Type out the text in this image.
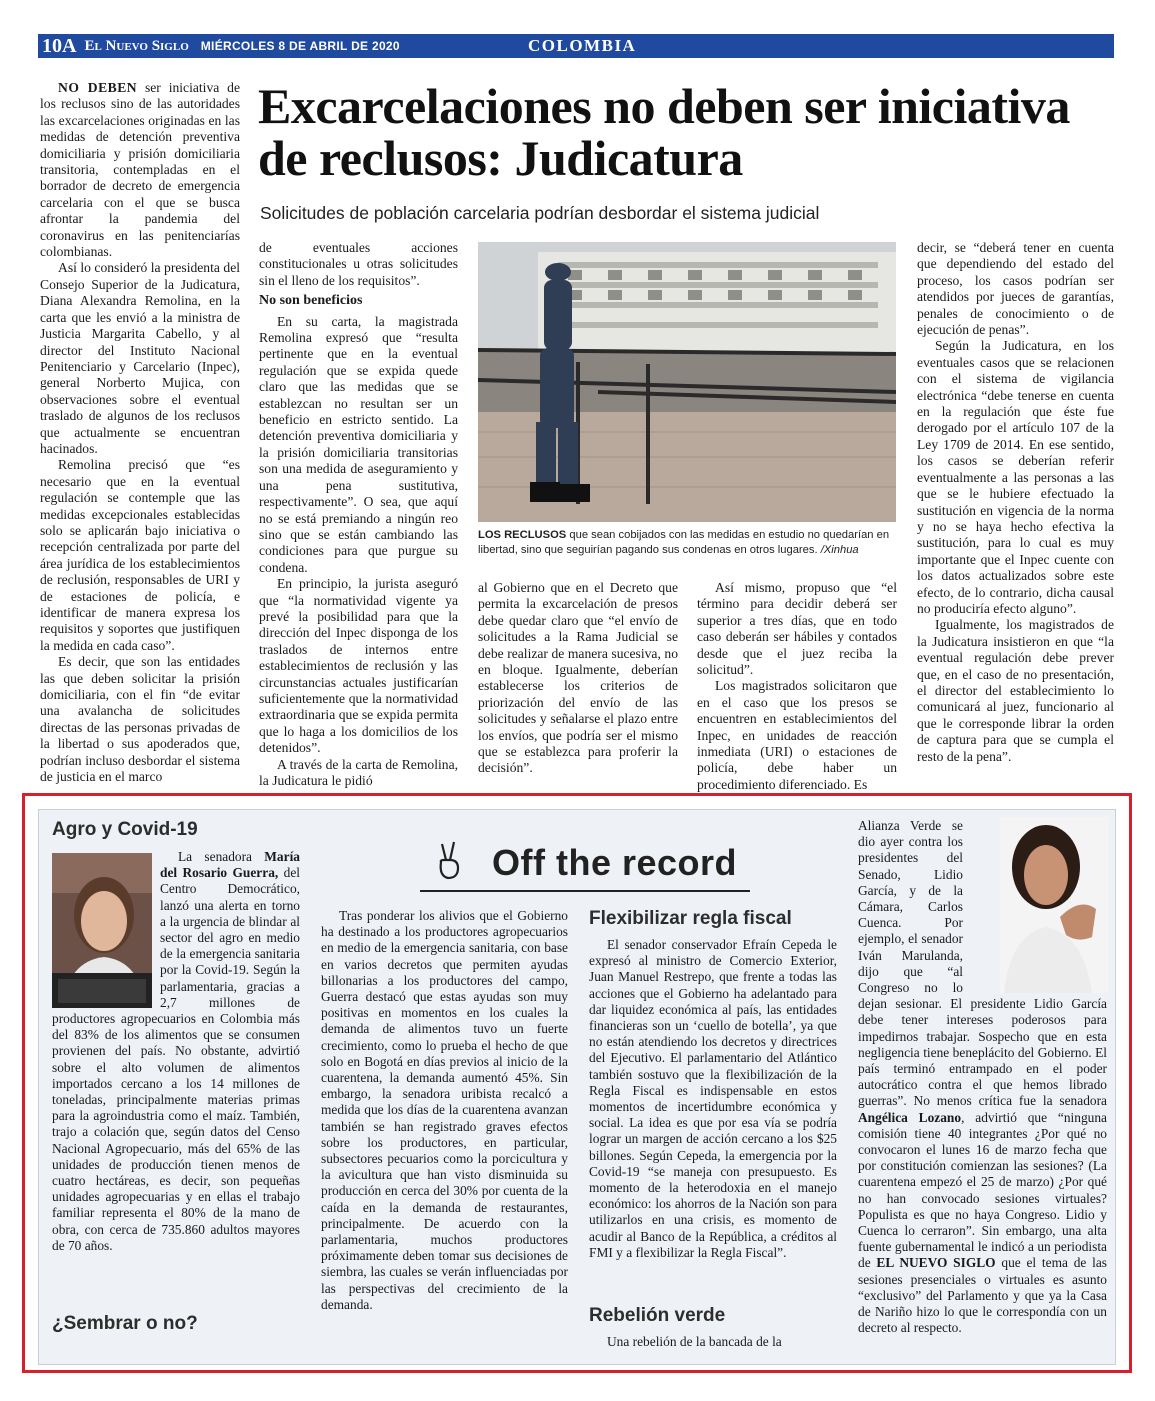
10A El Nuevo Siglo MIÉRCOLES 8 DE ABRIL DE 2020	COLOMBIA
Excarcelaciones no deben ser iniciativa de reclusos: Judicatura
Solicitudes de población carcelaria podrían desbordar el sistema judicial

NO DEBEN ser iniciativa de los reclusos sino de las autoridades las excarcelaciones originadas en las medidas de detención preventiva domiciliaria y prisión domiciliaria transitoria, contempladas en el borrador de decreto de emergencia carcelaria con el que se busca afrontar la pandemia del coronavirus en las penitenciarías colombianas.

Así lo consideró la presidenta del Consejo Superior de la Judicatura, Diana Alexandra Remolina, en la carta que les envió a la ministra de Justicia Margarita Cabello, y al director del Instituto Nacional Penitenciario y Carcelario (Inpec), general Norberto Mujica, con observaciones sobre el eventual traslado de algunos de los reclusos que actualmente se encuentran hacinados.

Remolina precisó que “es necesario que en la eventual regulación se contemple que las medidas excepcionales establecidas solo se aplicarán bajo iniciativa o recepción centralizada por parte del área jurídica de los establecimientos de reclusión, responsables de URI y de estaciones de policía, e identificar de manera expresa los requisitos y soportes que justifiquen la medida en cada caso”.

Es decir, que son las entidades las que deben solicitar la prisión domiciliaria, con el fin “de evitar una avalancha de solicitudes directas de las personas privadas de la libertad o sus apoderados que, podrían incluso desbordar el sistema de justicia en el marco

de eventuales acciones constitucionales u otras solicitudes sin el lleno de los requisitos”.

No son beneficios

En su carta, la magistrada Remolina expresó que “resulta pertinente que en la eventual regulación que se expida quede claro que las medidas que se establezcan no resultan ser un beneficio en estricto sentido. La detención preventiva domiciliaria y la prisión domiciliaria transitorias son una medida de aseguramiento y una pena sustitutiva, respectivamente”. O sea, que aquí no se está premiando a ningún reo sino que se están cambiando las condiciones para que purgue su condena.

En principio, la jurista aseguró que “la normatividad vigente ya prevé la posibilidad para que la dirección del Inpec disponga de los traslados de internos entre establecimientos de reclusión y las circunstancias actuales justificarían suficientemente que la normatividad extraordinaria que se expida permita que lo haga a los domicilios de los detenidos”.

A través de la carta de Remolina, la Judicatura le pidió

LOS RECLUSOS que sean cobijados con las medidas en estudio no quedarían en libertad, sino que seguirían pagando sus condenas en otros lugares. /Xinhua

al Gobierno que en el Decreto que permita la excarcelación de presos debe quedar claro que “el envío de solicitudes a la Rama Judicial se debe realizar de manera sucesiva, no en bloque. Igualmente, deberían establecerse los criterios de priorización del envío de las solicitudes y señalarse el plazo entre los envíos, que podría ser el mismo que se establezca para proferir la decisión”.

Así mismo, propuso que “el término para decidir deberá ser superior a tres días, que en todo caso deberán ser hábiles y contados desde que el juez reciba la solicitud”.

Los magistrados solicitaron que en el caso que los presos se encuentren en establecimientos del Inpec, en unidades de reacción inmediata (URI) o estaciones de policía, debe haber un procedimiento diferenciado. Es

decir, se “deberá tener en cuenta que dependiendo del estado del proceso, los casos podrían ser atendidos por jueces de garantías, penales de conocimiento o de ejecución de penas”.

Según la Judicatura, en los eventuales casos que se relacionen con el sistema de vigilancia electrónica “debe tenerse en cuenta en la regulación que éste fue derogado por el artículo 107 de la Ley 1709 de 2014. En ese sentido, los casos se deberían referir eventualmente a las personas a las que se le hubiere efectuado la sustitución en vigencia de la norma y no se haya hecho efectiva la sustitución, para lo cual es muy importante que el Inpec cuente con los datos actualizados sobre este efecto, de lo contrario, dicha causal no produciría efecto alguno”.

Igualmente, los magistrados de la Judicatura insistieron en que “la eventual regulación debe prever que, en el caso de no presentación, el director del establecimiento lo comunicará al juez, funcionario al que le corresponde librar la orden de captura para que se cumpla el resto de la pena”.

Agro y Covid-19
Off the record

La senadora María del Rosario Guerra, del Centro Democrático, lanzó una alerta en torno a la urgencia de blindar al sector del agro en medio de la emergencia sanitaria por la Covid-19. Según la parlamentaria, gracias a 2,7 millones de productores agropecuarios en Colombia más del 83% de los alimentos que se consumen provienen del país. No obstante, advirtió sobre el alto volumen de alimentos importados cercano a los 14 millones de toneladas, principalmente materias primas para la agroindustria como el maíz. También, trajo a colación que, según datos del Censo Nacional Agropecuario, más del 65% de las unidades de producción tienen menos de cuatro hectáreas, es decir, son pequeñas unidades agropecuarias y en ellas el trabajo familiar representa el 80% de la mano de obra, con cerca de 735.860 adultos mayores de 70 años.

¿Sembrar o no?

Tras ponderar los alivios que el Gobierno ha destinado a los productores agropecuarios en medio de la emergencia sanitaria, con base en varios decretos que permiten ayudas billonarias a los productores del campo, Guerra destacó que estas ayudas son muy positivas en momentos en los cuales la demanda de alimentos tuvo un fuerte crecimiento, como lo prueba el hecho de que solo en Bogotá en días previos al inicio de la cuarentena, la demanda aumentó 45%. Sin embargo, la senadora uribista recalcó a medida que los días de la cuarentena avanzan también se han registrado graves efectos sobre los productores, en particular, subsectores pecuarios como la porcicultura y la avicultura que han visto disminuida su producción en cerca del 30% por cuenta de la caída en la demanda de restaurantes, principalmente. De acuerdo con la parlamentaria, muchos productores próximamente deben tomar sus decisiones de siembra, las cuales se verán influenciadas por las perspectivas del crecimiento de la demanda.

Flexibilizar regla fiscal

El senador conservador Efraín Cepeda le expresó al ministro de Comercio Exterior, Juan Manuel Restrepo, que frente a todas las acciones que el Gobierno ha adelantado para dar liquidez económica al país, las entidades financieras son un ‘cuello de botella’, ya que no están atendiendo los decretos y directrices del Ejecutivo. El parlamentario del Atlántico también sostuvo que la flexibilización de la Regla Fiscal es indispensable en estos momentos de incertidumbre económica y social. La idea es que por esa vía se podría lograr un margen de acción cercano a los $25 billones. Según Cepeda, la emergencia por la Covid-19 “se maneja con presupuesto. Es momento de la heterodoxia en el manejo económico: los ahorros de la Nación son para utilizarlos en una crisis, es momento de acudir al Banco de la República, a créditos al FMI y a flexibilizar la Regla Fiscal”.

Rebelión verde

Una rebelión de la bancada de la

Alianza Verde se dio ayer contra los presidentes del Senado, Lidio García, y de la Cámara, Carlos Cuenca. Por ejemplo, el senador Iván Marulanda, dijo que “al Congreso no lo dejan sesionar. El presidente Lidio García debe tener intereses poderosos para impedirnos trabajar. Sospecho que en esta negligencia tiene beneplácito del Gobierno. El país terminó entrampado en el poder autocrático contra el que hemos librado guerras”. No menos crítica fue la senadora Angélica Lozano, advirtió que “ninguna comisión tiene 40 integrantes ¿Por qué no convocaron el lunes 16 de marzo fecha que por constitución comienzan las sesiones? (La cuarentena empezó el 25 de marzo) ¿Por qué no han convocado sesiones virtuales? Populista es que no haya Congreso. Lidio y Cuenca lo cerraron”. Sin embargo, una alta fuente gubernamental le indicó a un periodista de EL NUEVO SIGLO que el tema de las sesiones presenciales o virtuales es asunto “exclusivo” del Parlamento y que ya la Casa de Nariño hizo lo que le correspondía con un decreto al respecto.
